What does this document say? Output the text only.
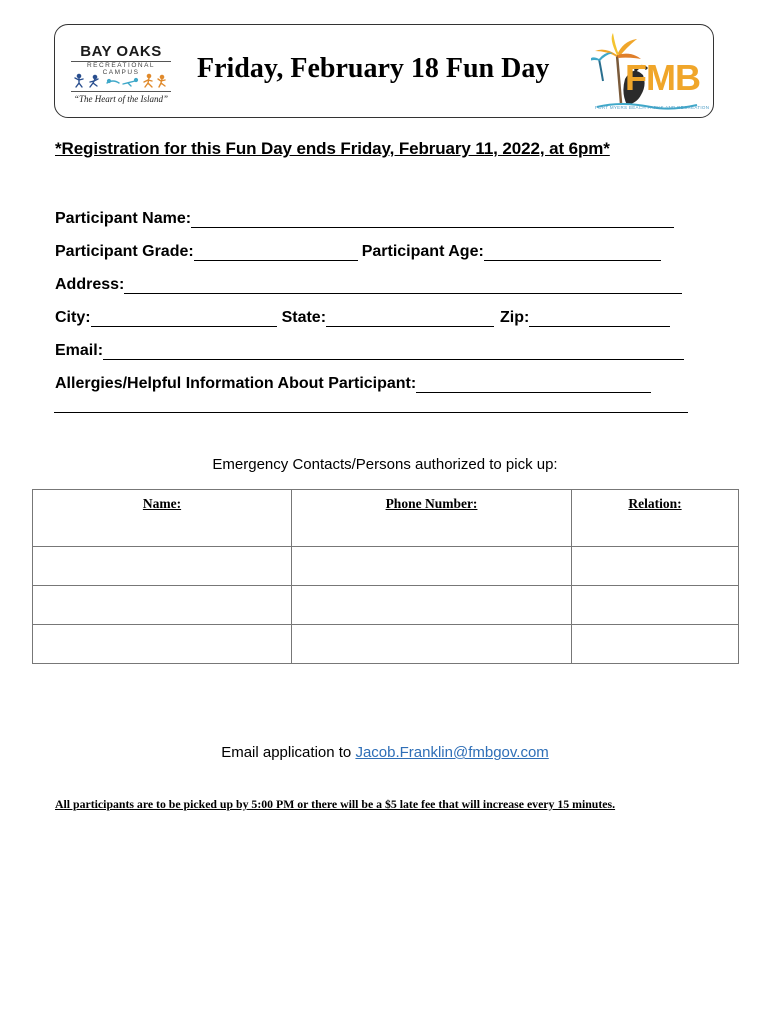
BAY OAKS
RECREATIONAL CAMPUS
“The Heart of the Island”
Friday, February 18 Fun Day FMB
FORT MYERS BEACH PARKS AND RECREATION
*Registration for this Fun Day ends Friday, February 11, 2022, at 6pm*
Participant Name:
Participant Grade:	Participant Age:
Address:
City:	State:	Zip:
Email:
Allergies/Helpful Information About Participant:
Emergency Contacts/Persons authorized to pick up:
Name:	Phone Number:	Relation:

Email application to Jacob.Franklin@fmbgov.com
All participants are to be picked up by 5:00 PM or there will be a $5 late fee that will increase every 15 minutes.
